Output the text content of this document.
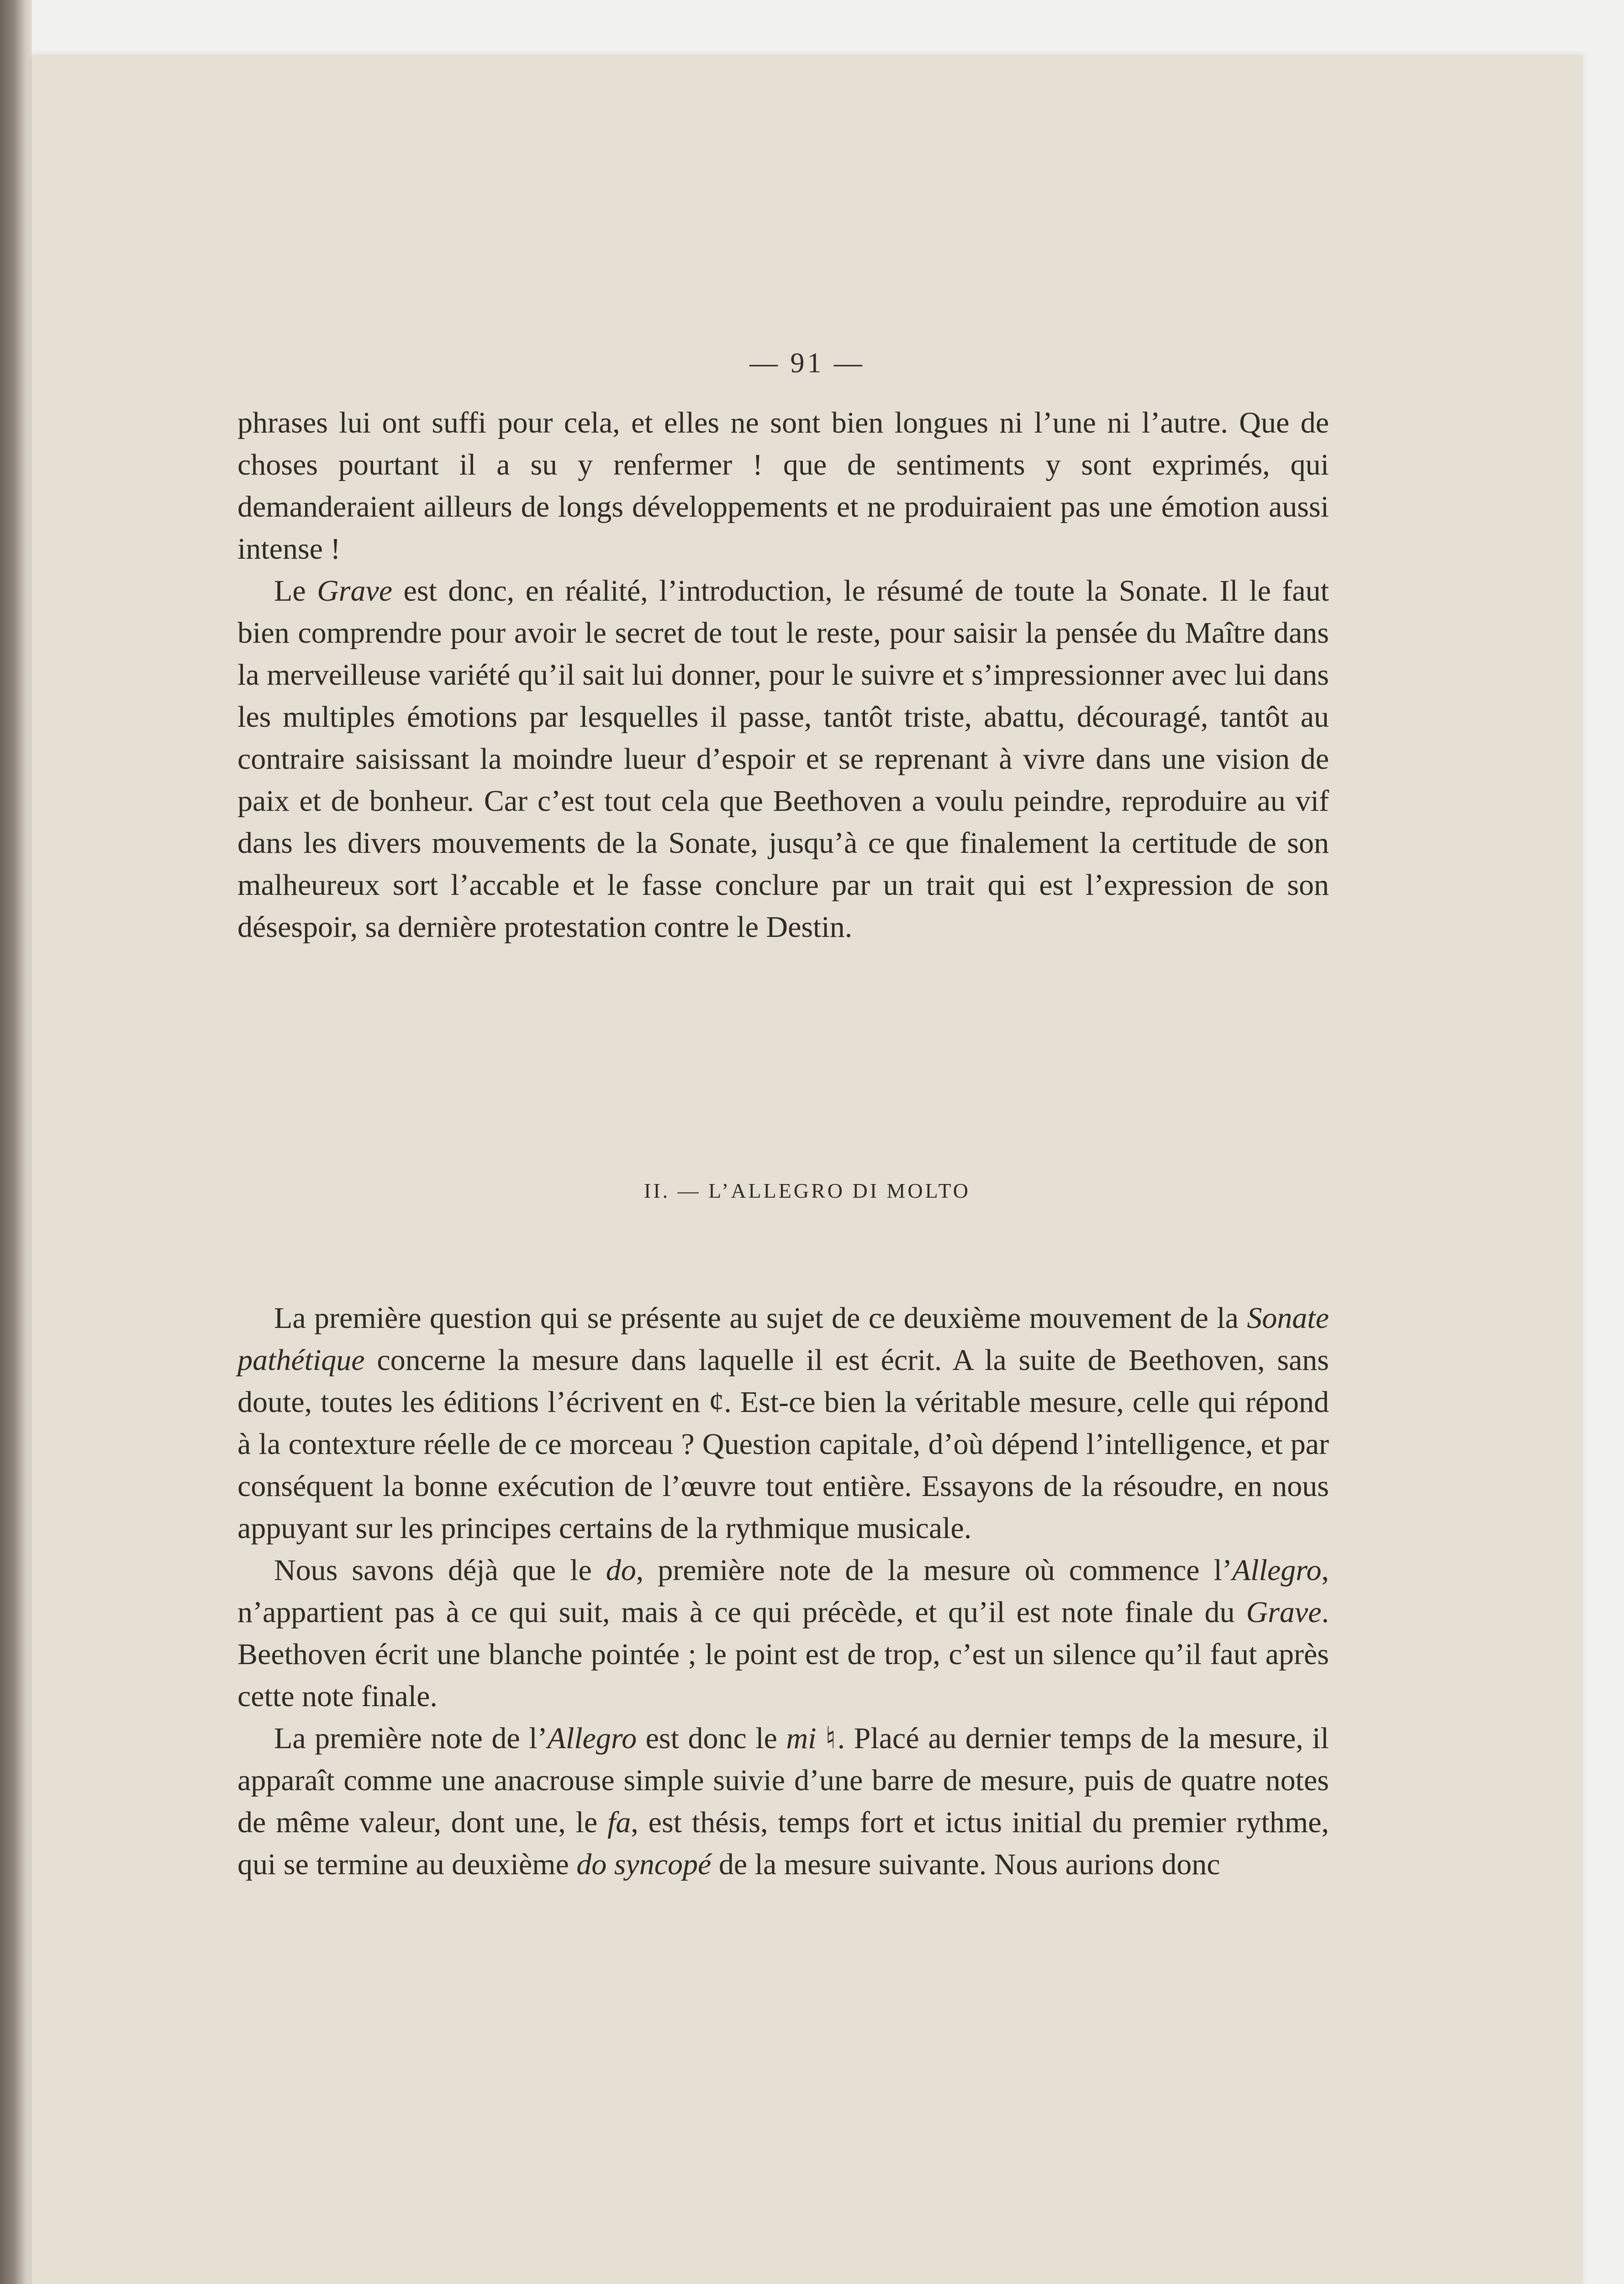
— 91 —

phrases lui ont suffi pour cela, et elles ne sont bien longues ni l’une ni l’autre. Que de choses pourtant il a su y renfermer ! que de sentiments y sont exprimés, qui demanderaient ailleurs de longs développements et ne produiraient pas une émotion aussi intense !

Le Grave est donc, en réalité, l’introduction, le résumé de toute la Sonate. Il le faut bien comprendre pour avoir le secret de tout le reste, pour saisir la pensée du Maître dans la merveilleuse variété qu’il sait lui donner, pour le suivre et s’impressionner avec lui dans les multiples émotions par lesquelles il passe, tantôt triste, abattu, découragé, tantôt au contraire saisissant la moindre lueur d’espoir et se reprenant à vivre dans une vision de paix et de bonheur. Car c’est tout cela que Beethoven a voulu peindre, reproduire au vif dans les divers mouvements de la Sonate, jusqu’à ce que finalement la certitude de son malheureux sort l’accable et le fasse conclure par un trait qui est l’expression de son désespoir, sa dernière protestation contre le Destin.

II. — L’ALLEGRO DI MOLTO

La première question qui se présente au sujet de ce deuxième mouvement de la Sonate pathétique concerne la mesure dans laquelle il est écrit. A la suite de Beethoven, sans doute, toutes les éditions l’écrivent en ¢. Est-ce bien la véritable mesure, celle qui répond à la contexture réelle de ce morceau ? Question capitale, d’où dépend l’intelligence, et par conséquent la bonne exécution de l’œuvre tout entière. Essayons de la résoudre, en nous appuyant sur les principes certains de la rythmique musicale.

Nous savons déjà que le do, première note de la mesure où commence l’Allegro, n’appartient pas à ce qui suit, mais à ce qui précède, et qu’il est note finale du Grave. Beethoven écrit une blanche pointée ; le point est de trop, c’est un silence qu’il faut après cette note finale.

La première note de l’Allegro est donc le mi ♮. Placé au dernier temps de la mesure, il apparaît comme une anacrouse simple suivie d’une barre de mesure, puis de quatre notes de même valeur, dont une, le fa, est thésis, temps fort et ictus initial du premier rythme, qui se termine au deuxième do syncopé de la mesure suivante. Nous aurions donc
